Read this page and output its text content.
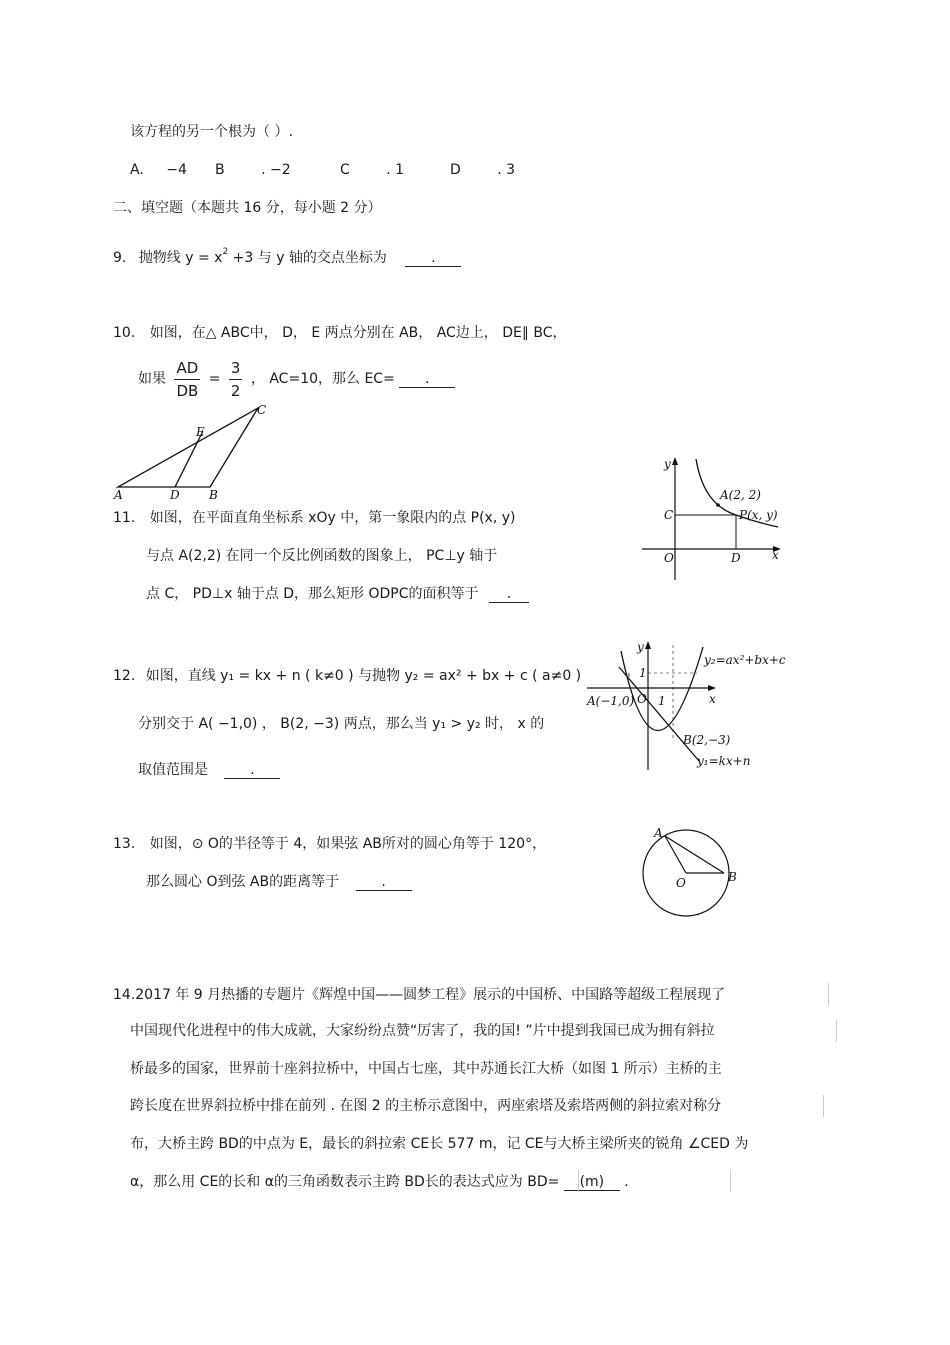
该方程的另一个根为（ ）.
A. −4 B	. −2	C	. 1	D	. 3
二、填空题（本题共 16 分，每小题 2 分）
9. 抛物线 $y = x^2 +3$ 与 y 轴的交点坐标为	.
10. 如图，在△ ABC中， D， E 两点分别在 AB， AC边上， DE∥ BC，
如果 $\frac{AD}{DB} = \frac{3}{2}$ ， AC=10，那么 EC= .
A	D B
C
E
11. 如图，在平面直角坐标系 xOy 中，第一象限内的点 P(x, y)
与点 A(2,2) 在同一个反比例函数的图象上， PC⊥y 轴于
点 C， PD⊥x 轴于点 D，那么矩形 ODPC的面积等于 .
y
x
O
C
D
A(2, 2)
P(x, y)
12. 如图，直线 y₁ = kx + n ( k≠0 ) 与抛物 y₂ = ax² + bx + c ( a≠0 )
分别交于 A( −1,0) ， B(2, −3) 两点，那么当 y₁ > y₂ 时， x 的
取值范围是	.
y
x
O 1
1
A(−1,0)
B(2,−3)
y₁=kx+n
y₂=ax²+bx+c
13. 如图，⊙ O的半径等于 4，如果弦 AB所对的圆心角等于 120°，
那么圆心 O到弦 AB的距离等于	.
A
B
O
14.2017 年 9 月热播的专题片《辉煌中国——圆梦工程》展示的中国桥、中国路等超级工程展现了
中国现代化进程中的伟大成就，大家纷纷点赞“厉害了，我的国! ”片中提到我国已成为拥有斜拉
桥最多的国家，世界前十座斜拉桥中，中国占七座，其中苏通长江大桥（如图 1 所示）主桥的主
跨长度在世界斜拉桥中排在前列 . 在图 2 的主桥示意图中，两座索塔及索塔两侧的斜拉索对称分
布，大桥主跨 BD的中点为 E，最长的斜拉索 CE长 577 m，记 CE与大桥主梁所夹的锐角 ∠CED 为
α，那么用 CE的长和 α的三角函数表示主跨 BD长的表达式应为 BD= (m) .
